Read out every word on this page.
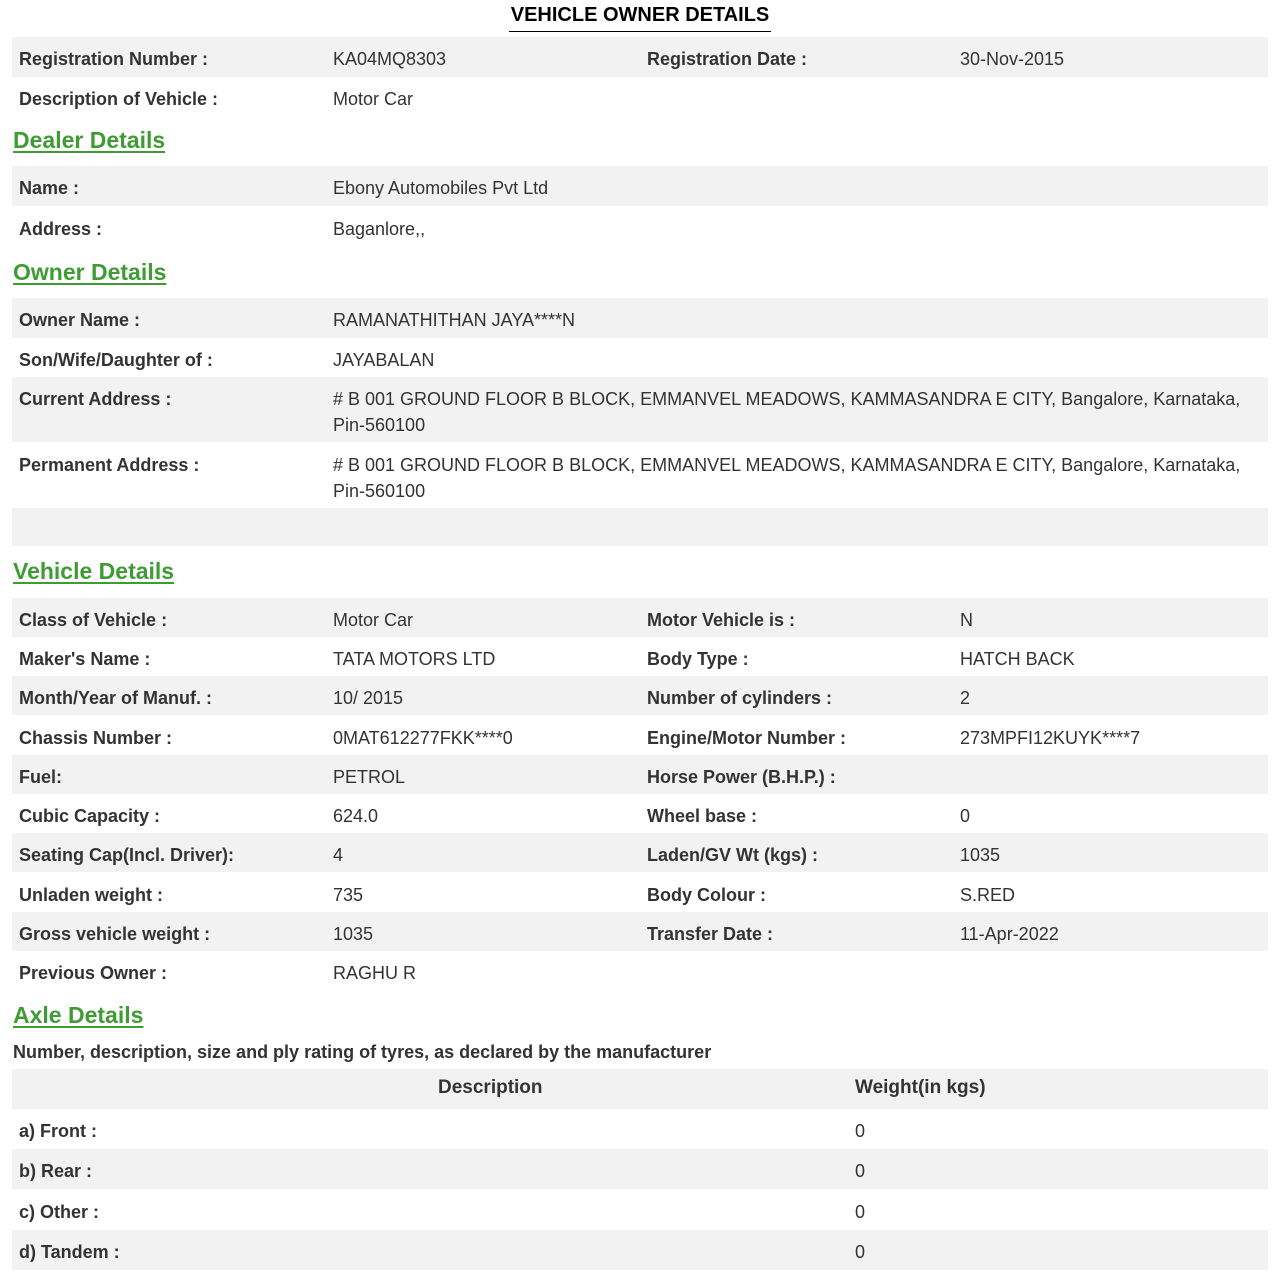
VEHICLE OWNER DETAILS
Registration Number :	KA04MQ8303	Registration Date :	30-Nov-2015
Description of Vehicle :	Motor Car
Dealer Details
Name :	Ebony Automobiles Pvt Ltd
Address :	Baganlore,,
Owner Details
Owner Name :	RAMANATHITHAN JAYA****N
Son/Wife/Daughter of :	JAYABALAN
Current Address :	# B 001 GROUND FLOOR B BLOCK, EMMANVEL MEADOWS, KAMMASANDRA E CITY, Bangalore, Karnataka,
Pin-560100
Permanent Address :	# B 001 GROUND FLOOR B BLOCK, EMMANVEL MEADOWS, KAMMASANDRA E CITY, Bangalore, Karnataka,
Pin-560100
Vehicle Details
Class of Vehicle :	Motor Car	Motor Vehicle is :	N
Maker's Name :	TATA MOTORS LTD	Body Type :	HATCH BACK
Month/Year of Manuf. :	10/ 2015	Number of cylinders :	2
Chassis Number :	0MAT612277FKK****0	Engine/Motor Number :	273MPFI12KUYK****7
Fuel:	PETROL	Horse Power (B.H.P.) :
Cubic Capacity :	624.0	Wheel base :	0
Seating Cap(Incl. Driver):	4	Laden/GV Wt (kgs) :	1035
Unladen weight :	735	Body Colour :	S.RED
Gross vehicle weight :	1035	Transfer Date :	11-Apr-2022
Previous Owner :	RAGHU R
Axle Details
Number, description, size and ply rating of tyres, as declared by the manufacturer
Description	Weight(in kgs)
a) Front :	0
b) Rear :	0
c) Other :	0
d) Tandem :	0
